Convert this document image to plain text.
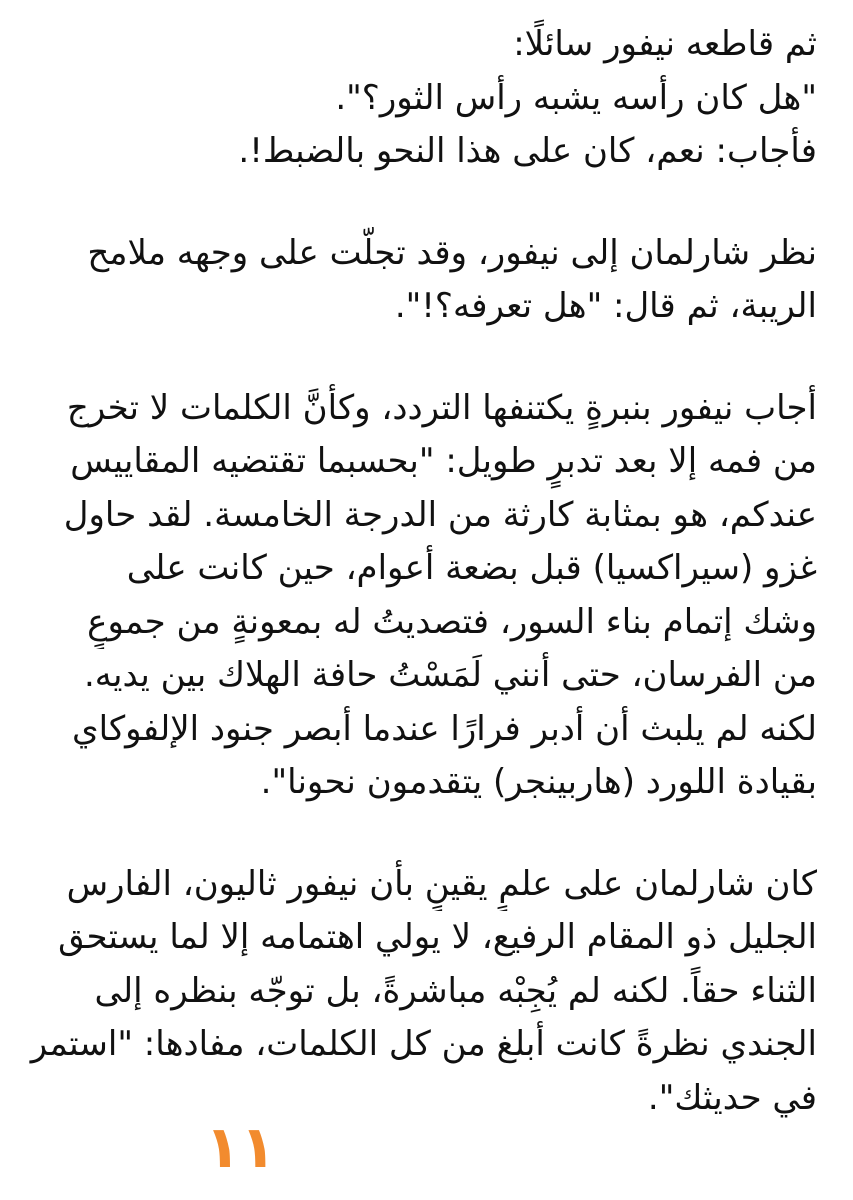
ثم قاطعه نيفور سائلًا:
"هل كان رأسه يشبه رأس الثور؟".
فأجاب: نعم، كان على هذا النحو بالضبط!.
نظر شارلمان إلى نيفور، وقد تجلَّت على وجهه ملامح
الريبة، ثم قال: "هل تعرفه؟!".
أجاب نيفور بنبرةٍ يكتنفها التردد، وكأنَّ الكلمات لا تخرج
من فمه إلا بعد تدبرٍ طويل: "بحسبما تقتضيه المقاييس
عندكم، هو بمثابة كارثة من الدرجة الخامسة. لقد حاول
غزو (سيراكسيا) قبل بضعة أعوام، حين كانت على
وشك إتمام بناء السور، فتصديتُ له بمعونةٍ من جموعٍ
من الفرسان، حتى أنني لَمَسْتُ حافة الهلاك بين يديه.
لكنه لم يلبث أن أدبر فرارًا عندما أبصر جنود الإلفوكاي
بقيادة اللورد (هاربينجر) يتقدمون نحونا".
كان شارلمان على علمٍ يقينٍ بأن نيفور ثاليون، الفارس
الجليل ذو المقام الرفيع، لا يولي اهتمامه إلا لما يستحق
الثناء حقاً. لكنه لم يُجِبْه مباشرةً، بل توجّه بنظره إلى
الجندي نظرةً كانت أبلغ من كل الكلمات، مفادها: "استمر
في حديثك".
١١
